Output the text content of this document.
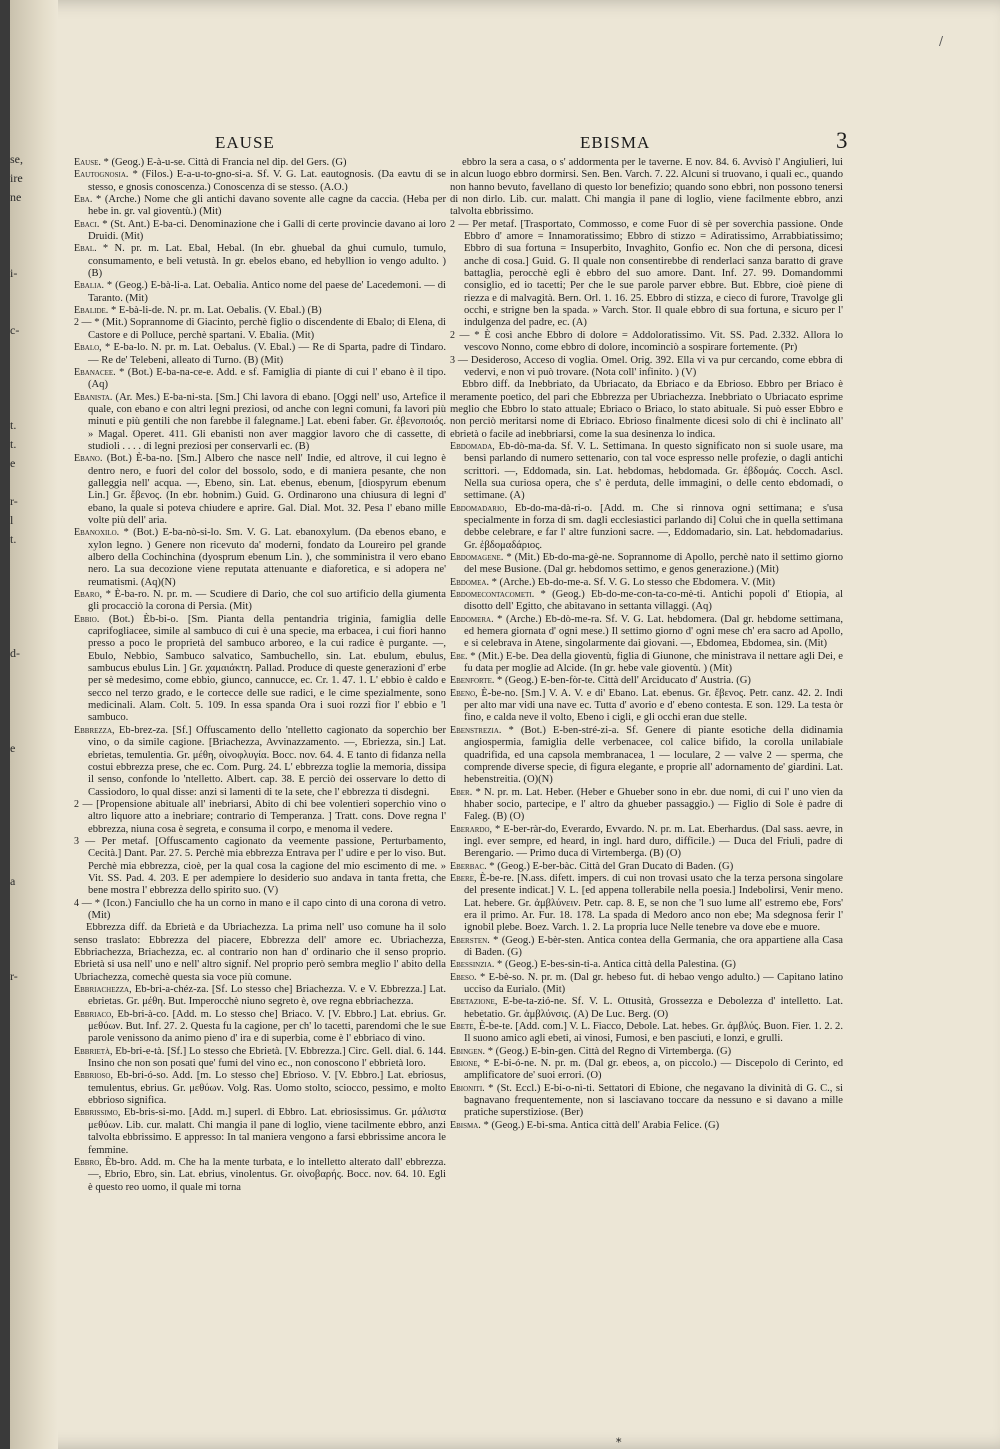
se,
ire
ne

i-

c-

t.
t.
e

r-
l
t.

d-

e

a

r-

/
EAUSE	EBISMA	3

Eause. * (Geog.) E-à-u-se. Città di Francia nel dip. del Gers. (G)

Eautognosia. * (Filos.) E-a-u-to-gno-si-a. Sf. V. G. Lat. eautognosis. (Da eavtu di se stesso, e gnosis conoscenza.) Conoscenza di se stesso. (A.O.)

Eba. * (Arche.) Nome che gli antichi davano sovente alle cagne da caccia. (Heba per hebe in. gr. val gioventù.) (Mit)

Ebaci. * (St. Ant.) E-ba-ci. Denominazione che i Galli di certe provincie davano ai loro Druidi. (Mit)

Ebal. * N. pr. m. Lat. Ebal, Hebal. (In ebr. ghuebal da ghui cumulo, tumulo, consumamento, e beli vetustà. In gr. ebelos ebano, ed hebyllion io vengo adulto. ) (B)

Ebalia. * (Geog.) E-bà-li-a. Lat. Oebalia. Antico nome del paese de' Lacedemoni. — di Taranto. (Mit)

Ebalide. * E-bà-li-de. N. pr. m. Lat. Oebalis. (V. Ebal.) (B)

2 — * (Mit.) Soprannome di Giacinto, perchè figlio o discendente di Ebalo; di Elena, di Castore e di Polluce, perchè spartani. V. Ebalia. (Mit)

Ebalo, * E-ba-lo. N. pr. m. Lat. Oebalus. (V. Ebal.) — Re di Sparta, padre di Tindaro. — Re de' Telebeni, alleato di Turno. (B) (Mit)

Ebanacee. * (Bot.) E-ba-na-ce-e. Add. e sf. Famiglia di piante di cui l' ebano è il tipo. (Aq)

Ebanista. (Ar. Mes.) E-ba-ni-sta. [Sm.] Chi lavora di ebano. [Oggi nell' uso, Artefice il quale, con ebano e con altri legni preziosi, od anche con legni comuni, fa lavori più minuti e più gentili che non farebbe il falegname.] Lat. ebeni faber. Gr. ἐβενοποιός. » Magal. Operet. 411. Gli ebanisti non aver maggior lavoro che di cassette, di studioli . . . . di legni preziosi per conservarli ec. (B)

Ebano. (Bot.) È-ba-no. [Sm.] Albero che nasce nell' Indie, ed altrove, il cui legno è dentro nero, e fuori del color del bossolo, sodo, e di maniera pesante, che non galleggia nell' acqua. —, Ebeno, sin. Lat. ebenus, ebenum, [diospyrum ebenum Lin.] Gr. ἔβενος. (In ebr. hobnim.) Guid. G. Ordinarono una chiusura di legni d' ebano, la quale si poteva chiudere e aprire. Gal. Dial. Mot. 32. Pesa l' ebano mille volte più dell' aria.

Ebanoxilo. * (Bot.) E-ba-nò-si-lo. Sm. V. G. Lat. ebanoxylum. (Da ebenos ebano, e xylon legno. ) Genere non ricevuto da' moderni, fondato da Loureiro pel grande albero della Cochinchina (dyosprum ebenum Lin. ), che somministra il vero ebano nero. La sua decozione viene reputata attenuante e diaforetica, e si adopera ne' reumatismi. (Aq)(N)

Ebaro, * È-ba-ro. N. pr. m. — Scudiere di Dario, che col suo artificio della giumenta gli procacciò la corona di Persia. (Mit)

Ebbio. (Bot.) Èb-bi-o. [Sm. Pianta della pentandria triginia, famiglia delle caprifogliacee, simile al sambuco di cui è una specie, ma erbacea, i cui fiori hanno presso a poco le proprietà del sambuco arboreo, e la cui radice è purgante. —, Ebulo, Nebbio, Sambuco salvatico, Sambuchello, sin. Lat. ebulum, ebulus, sambucus ebulus Lin. ] Gr. χαμαιάκτη. Pallad. Produce di queste generazioni d' erbe per sè medesimo, come ebbio, giunco, cannucce, ec. Cr. 1. 47. 1. L' ebbio è caldo e secco nel terzo grado, e le cortecce delle sue radici, e le cime spezialmente, sono medicinali. Alam. Colt. 5. 109. In essa spanda Ora i suoi rozzi fior l' ebbio e 'l sambuco.

Ebbrezza, Eb-brez-za. [Sf.] Offuscamento dello 'ntelletto cagionato da soperchio ber vino, o da simile cagione. [Briachezza, Avvinazzamento. —, Ebriezza, sin.] Lat. ebrietas, temulentia. Gr. μέθη, οἰνοφλυγία. Bocc. nov. 64. 4. E tanto di fidanza nella costui ebbrezza prese, che ec. Com. Purg. 24. L' ebbrezza toglie la memoria, dissipa il senso, confonde lo 'ntelletto. Albert. cap. 38. E perciò dei osservare lo detto di Cassiodoro, lo qual disse: anzi si lamenti di te la sete, che l' ebbrezza ti disdegni.

2 — [Propensione abituale all' inebriarsi, Abito di chi bee volentieri soperchio vino o altro liquore atto a inebriare; contrario di Temperanza. ] Tratt. cons. Dove regna l' ebbrezza, niuna cosa è segreta, e consuma il corpo, e menoma il vedere.

3 — Per metaf. [Offuscamento cagionato da veemente passione, Perturbamento, Cecità.] Dant. Par. 27. 5. Perchè mia ebbrezza Entrava per l' udire e per lo viso. But. Perchè mia ebbrezza, cioè, per la qual cosa la cagione del mio escimento di me. » Vit. SS. Pad. 4. 203. E per adempiere lo desiderio suo andava in tanta fretta, che bene mostra l' ebbrezza dello spirito suo. (V)

4 — * (Icon.) Fanciullo che ha un corno in mano e il capo cinto di una corona di vetro. (Mit)

Ebbrezza diff. da Ebrietà e da Ubriachezza. La prima nell' uso comune ha il solo senso traslato: Ebbrezza del piacere, Ebbrezza dell' amore ec. Ubriachezza, Ebbriachezza, Briachezza, ec. al contrario non han d' ordinario che il senso proprio. Ebrietà si usa nell' uno e nell' altro signif. Nel proprio però sembra meglio l' abito della Ubriachezza, comechè questa sia voce più comune.

Ebbriachezza, Eb-bri-a-chéz-za. [Sf. Lo stesso che] Briachezza. V. e V. Ebbrezza.] Lat. ebrietas. Gr. μέθη. But. Imperocchè niuno segreto è, ove regna ebbriachezza.

Ebbriaco, Eb-bri-à-co. [Add. m. Lo stesso che] Briaco. V. [V. Ebbro.] Lat. ebrius. Gr. μεθύων. But. Inf. 27. 2. Questa fu la cagione, per ch' lo tacetti, parendomi che le sue parole venissono da animo pieno d' ira e di superbia, come è l' ebbriaco di vino.

Ebbrietà, Eb-bri-e-tà. [Sf.] Lo stesso che Ebrietà. [V. Ebbrezza.] Circ. Gell. dial. 6. 144. Insino che non son posati que' fumi del vino ec., non conoscono l' ebbrietà loro.

Ebbrioso, Eb-bri-ó-so. Add. [m. Lo stesso che] Ebrioso. V. [V. Ebbro.] Lat. ebriosus, temulentus, ebrius. Gr. μεθύων. Volg. Ras. Uomo stolto, sciocco, pessimo, e molto ebbrioso significa.

Ebbrissimo, Eb-bris-si-mo. [Add. m.] superl. di Ebbro. Lat. ebriosissimus. Gr. μάλιστα μεθύων. Lib. cur. malatt. Chi mangia il pane di loglio, viene tacilmente ebbro, anzi talvolta ebbrissimo. E appresso: In tal maniera vengono a farsi ebbrissime ancora le femmine.

Ebbro, Èb-bro. Add. m. Che ha la mente turbata, e lo intelletto alterato dall' ebbrezza. —, Ebrio, Ebro, sin. Lat. ebrius, vinolentus. Gr. οἰνοβαρής. Bocc. nov. 64. 10. Egli è questo reo uomo, il quale mi torna

ebbro la sera a casa, o s' addormenta per le taverne. E nov. 84. 6. Avvisò l' Angiulieri, lui in alcun luogo ebbro dormirsi. Sen. Ben. Varch. 7. 22. Alcuni si truovano, i quali ec., quando non hanno bevuto, favellano di questo lor benefizio; quando sono ebbri, non possono tenersi di non dirlo. Lib. cur. malatt. Chi mangia il pane di loglio, viene facilmente ebbro, anzi talvolta ebbrissimo.

2 — Per metaf. [Trasportato, Commosso, e come Fuor di sè per soverchia passione. Onde Ebbro d' amore = Innamoratissimo; Ebbro di stizzo = Adiratissimo, Arrabbiatissimo; Ebbro di sua fortuna = Insuperbito, Invaghito, Gonfio ec. Non che di persona, dicesi anche di cosa.] Guid. G. Il quale non consentirebbe di renderlaci sanza baratto di grave battaglia, perocchè egli è ebbro del suo amore. Dant. Inf. 27. 99. Domandommi consiglio, ed io tacetti; Per che le sue parole parver ebbre. But. Ebbre, cioè piene di riezza e di malvagità. Bern. Orl. 1. 16. 25. Ebbro di stizza, e cieco di furore, Travolge gli occhi, e strigne ben la spada. » Varch. Stor. Il quale ebbro di sua fortuna, e sicuro per l' indulgenza del padre, ec. (A)

2 — * È così anche Ebbro di dolore = Addoloratissimo. Vit. SS. Pad. 2.332. Allora lo vescovo Nonno, come ebbro di dolore, incominciò a sospirare fortemente. (Pr)

3 — Desideroso, Acceso di voglia. Omel. Orig. 392. Ella vi va pur cercando, come ebbra di vedervi, e non vi può trovare. (Nota coll' infinito. ) (V)

Ebbro diff. da Inebbriato, da Ubriacato, da Ebriaco e da Ebrioso. Ebbro per Briaco è meramente poetico, del pari che Ebbrezza per Ubriachezza. Inebbriato o Ubriacato esprime meglio che Ebbro lo stato attuale; Ebriaco o Briaco, lo stato abituale. Si può esser Ebbro e non perciò meritarsi nome di Ebriaco. Ebrioso finalmente dicesi solo di chi è inclinato all' ebrietà o facile ad inebbriarsi, come la sua desinenza lo indica.

Ebdomada, Eb-dò-ma-da. Sf. V. L. Settimana. In questo significato non si suole usare, ma bensì parlando di numero settenario, con tal voce espresso nelle profezie, o dagli antichi scrittori. —, Eddomada, sin. Lat. hebdomas, hebdomada. Gr. ἑβδομάς. Cocch. Ascl. Nella sua curiosa opera, che s' è perduta, delle immagini, o delle cento ebdomadi, o settimane. (A)

Ebdomadario, Eb-do-ma-dà-ri-o. [Add. m. Che si rinnova ogni settimana; e s'usa specialmente in forza di sm. dagli ecclesiastici parlando di] Colui che in quella settimana debbe celebrare, e far l' altre funzioni sacre. —, Eddomadario, sin. Lat. hebdomadarius. Gr. ἑβδομαδάριος.

Ebdomagene. * (Mit.) Eb-do-ma-gè-ne. Soprannome di Apollo, perchè nato il settimo giorno del mese Busione. (Dal gr. hebdomos settimo, e genos generazione.) (Mit)

Ebdomea. * (Arche.) Eb-do-me-a. Sf. V. G. Lo stesso che Ebdomera. V. (Mit)

Ebdomecontacometi. * (Geog.) Eb-do-me-con-ta-co-mè-ti. Antichi popoli d' Etiopia, al disotto dell' Egitto, che abitavano in settanta villaggi. (Aq)

Ebdomera. * (Arche.) Eb-dò-me-ra. Sf. V. G. Lat. hebdomera. (Dal gr. hebdome settimana, ed hemera giornata d' ogni mese.) Il settimo giorno d' ogni mese ch' era sacro ad Apollo, e si celebrava in Atene, singolarmente dai giovani. —, Ebdomea, Ebdomea, sin. (Mit)

Ebe. * (Mit.) E-be. Dea della gioventù, figlia di Giunone, che ministrava il nettare agli Dei, e fu data per moglie ad Alcide. (In gr. hebe vale gioventù. ) (Mit)

Ebenforte. * (Geog.) E-ben-fòr-te. Città dell' Arciducato d' Austria. (G)

Ebeno, È-be-no. [Sm.] V. A. V. e di' Ebano. Lat. ebenus. Gr. ἔβενος. Petr. canz. 42. 2. Indi per alto mar vidi una nave ec. Tutta d' avorio e d' ebeno contesta. E son. 129. La testa òr fino, e calda neve il volto, Ebeno i cigli, e gli occhi eran due stelle.

Ebenstrezia. * (Bot.) E-ben-stré-zi-a. Sf. Genere di piante esotiche della didinamia angiospermia, famiglia delle verbenacee, col calice bifido, la corolla unilabiale quadrifida, ed una capsola membranacea, 1 — loculare, 2 — valve 2 — sperma, che comprende diverse specie, di figura elegante, e proprie all' adornamento de' giardini. Lat. hebenstreitia. (O)(N)

Eber. * N. pr. m. Lat. Heber. (Heber e Ghueber sono in ebr. due nomi, di cui l' uno vien da hhaber socio, partecipe, e l' altro da ghueber passaggio.) — Figlio di Sole è padre di Faleg. (B) (O)

Eberardo, * E-ber-ràr-do, Everardo, Evvardo. N. pr. m. Lat. Eberhardus. (Dal sass. aevre, in ingl. ever sempre, ed heard, in ingl. hard duro, difficile.) — Duca del Friuli, padre di Berengario. — Primo duca di Virtemberga. (B) (O)

Eberbac. * (Geog.) E-ber-bàc. Città del Gran Ducato di Baden. (G)

Ebere, È-be-re. [N.ass. difett. impers. di cui non trovasi usato che la terza persona singolare del presente indicat.] V. L. [ed appena tollerabile nella poesia.] Indebolirsi, Venir meno. Lat. hebere. Gr. ἀμβλύνειν. Petr. cap. 8. E, se non che 'l suo lume all' estremo ebe, Fors' era il primo. Ar. Fur. 18. 178. La spada di Medoro anco non ebe; Ma sdegnosa ferir l' ignobil plebe. Boez. Varch. 1. 2. La propria luce Nelle tenebre va dove ebe e muore.

Ebersten. * (Geog.) E-bèr-sten. Antica contea della Germania, che ora appartiene alla Casa di Baden. (G)

Ebessinzia. * (Geog.) E-bes-sin-ti-a. Antica città della Palestina. (G)

Ebeso. * E-bè-so. N. pr. m. (Dal gr. hebeso fut. di hebao vengo adulto.) — Capitano latino ucciso da Eurialo. (Mit)

Ebetazione, E-be-ta-zió-ne. Sf. V. L. Ottusità, Grossezza e Debolezza d' intelletto. Lat. hebetatio. Gr. ἀμβλύνσις. (A) De Luc. Berg. (O)

Ebete, È-be-te. [Add. com.] V. L. Fiacco, Debole. Lat. hebes. Gr. ἀμβλύς. Buon. Fier. 1. 2. 2. Il suono amico agli ebeti, ai vinosi, Fumosi, e ben pasciuti, e lonzi, e grulli.

Ebingen. * (Geog.) E-bin-gen. Città del Regno di Virtemberga. (G)

Ebione, * E-bi-ó-ne. N. pr. m. (Dal gr. ebeos, a, on piccolo.) — Discepolo di Cerinto, ed amplificatore de' suoi errori. (O)

Ebioniti. * (St. Eccl.) E-bi-o-nì-ti. Settatori di Ebione, che negavano la divinità di G. C., si bagnavano frequentemente, non si lasciavano toccare da nessuno e si davano a mille pratiche superstiziose. (Ber)

Ebisma. * (Geog.) E-bì-sma. Antica città dell' Arabia Felice. (G)

*
